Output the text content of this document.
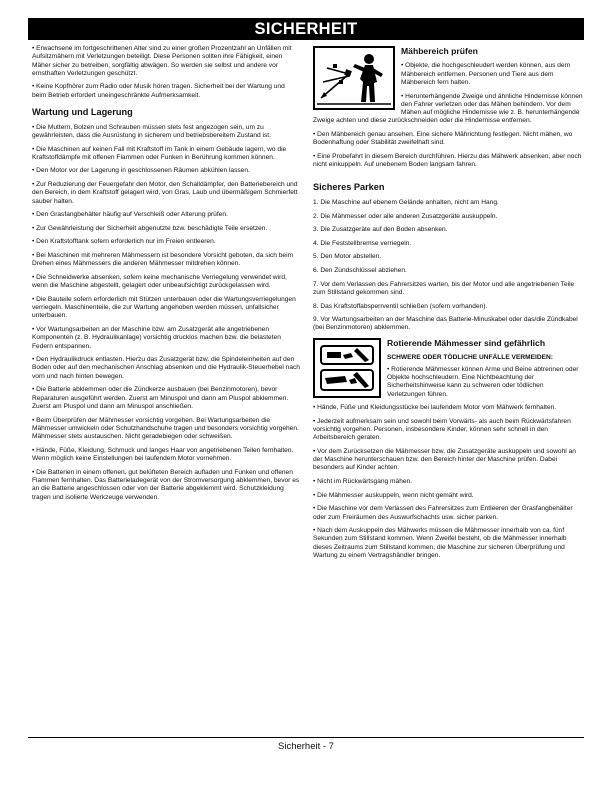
SICHERHEIT

• Erwachsene im fortgeschrittenen Alter sind zu einer großen Prozentzahl an Unfällen mit Aufsitzmähern mit Verletzungen beteiligt. Diese Personen sollten ihre Fähigkeit, einen Mäher sicher zu betreiben, sorgfältig abwägen. So werden sie selbst und andere vor ernsthaften Verletzungen geschützt.

• Keine Kopfhörer zum Radio oder Musik hören tragen. Sicherheit bei der Wartung und beim Betrieb erfordert uneingeschränkte Aufmerksamkeit.

Wartung und Lagerung

• Die Muttern, Bolzen und Schrauben müssen stets fest angezogen sein, um zu gewährleisten, dass die Ausrüstung in sicherem und betriebsbereitem Zustand ist.

• Die Maschinen auf keinen Fall mit Kraftstoff im Tank in einem Gebäude lagern, wo die Kraftstoffdämpfe mit offenen Flammen oder Funken in Berührung kommen können.

• Den Motor vor der Lagerung in geschlossenen Räumen abkühlen lassen.

• Zur Reduzierung der Feuergefahr den Motor, den Schalldämpfer, den Batteriebereich und den Bereich, in dem Kraftstoff gelagert wird, von Gras, Laub und übermäßigem Schmierfett sauber halten.

• Den Grasfangbehälter häufig auf Verschleiß oder Alterung prüfen.

• Zur Gewährleistung der Sicherheit abgenutzte bzw. beschädigte Teile ersetzen.

• Den Kraftstofftank sofern erforderlich nur im Freien entleeren.

• Bei Maschinen mit mehreren Mähmessern ist besondere Vorsicht geboten, da sich beim Drehen eines Mähmessers die anderen Mähmesser mitdrehen können.

• Die Schneidwerke absenken, sofern keine mechanische Verriegelung verwendet wird, wenn die Maschine abgestellt, gelagert oder unbeaufsichtigt zurückgelassen wird.

• Die Bauteile sofern erforderlich mit Stützen unterbauen oder die Wartungsverriegelungen verriegeln. Maschinenteile, die zur Wartung angehoben werden müssen, unfallsicher unterbauen.

• Vor Wartungsarbeiten an der Maschine bzw. am Zusatzgerät alle angetriebenen Komponenten (z. B. Hydraulikanlage) vorsichtig drucklos machen bzw. die belasteten Federn entspannen.

• Den Hydraulikdruck entlasten. Hierzu das Zusatzgerät bzw. die Spindeleinheiten auf den Boden oder auf den mechanischen Anschlag absenken und die Hydraulik-Steuerhebel nach vorn und nach hinten bewegen.

• Die Batterie abklemmen oder die Zündkerze ausbauen (bei Benzinmotoren), bevor Reparaturen ausgeführt werden. Zuerst am Minuspol und dann am Pluspol abklemmen. Zuerst am Pluspol und dann am Minuspol anschließen.

• Beim Überprüfen der Mähmesser vorsichtig vorgehen. Bei Wartungsarbeiten die Mähmesser umwickeln oder Schutzhandschuhe tragen und besonders vorsichtig vorgehen. Mähmesser stets austauschen. Nicht geradebiegen oder schweißen.

• Hände, Füße, Kleidung, Schmuck und langes Haar von angetriebenen Teilen fernhalten. Wenn möglich keine Einstellungen bei laufendem Motor vornehmen.

• Die Batterien in einem offenen, gut belüfteten Bereich aufladen und Funken und offenen Flammen fernhalten. Das Batterieladegerät von der Stromversorgung abklemmen, bevor es an die Batterie angeschlossen oder von der Batterie abgeklemmt wird. Schutzkleidung tragen und isolierte Werkzeuge verwenden.

Mähbereich prüfen

• Objekte, die hochgeschleudert werden können, aus dem Mähbereich entfernen. Personen und Tiere aus dem Mähbereich fern halten.

• Herunterhängende Zweige und ähnliche Hindernisse können den Fahrer verletzen oder das Mähen behindern. Vor dem Mähen auf mögliche Hindernisse wie z. B. herunterhängende Zweige achten und diese zurückschneiden oder die Hindernisse entfernen.

• Den Mähbereich genau ansehen. Eine sichere Mährichtung festlegen. Nicht mähen, wo Bodenhaftung oder Stabilität zweifelhaft sind.

• Eine Probefahrt in diesem Bereich durchführen. Hierzu das Mähwerk absenken, aber noch nicht einkuppeln. Auf unebenem Boden langsam fahren.

Sicheres Parken

1. Die Maschine auf ebenem Gelände anhalten, nicht am Hang.

2. Die Mähmesser oder alle anderen Zusatzgeräte auskuppeln.

3. Die Zusatzgeräte auf den Boden absenken.

4. Die Feststellbremse verriegeln.

5. Den Motor abstellen.

6. Den Zündschlüssel abziehen.

7. Vor dem Verlassen des Fahrersitzes warten, bis der Motor und alle angetriebenen Teile zum Stillstand gekommen sind.

8. Das Kraftstoffabsperrventil schließen (sofern vorhanden).

9. Vor Wartungsarbeiten an der Maschine das Batterie-Minuskabel oder das/die Zündkabel (bei Benzinmotoren) abklemmen.

Rotierende Mähmesser sind gefährlich
SCHWERE ODER TÖDLICHE UNFÄLLE VERMEIDEN:

• Rotierende Mähmesser können Arme und Beine abtrennen oder Objekte hochschleudern. Eine Nichtbeachtung der Sicherheitshinweise kann zu schweren oder tödlichen Verletzungen führen.

• Hände, Füße und Kleidungsstücke bei laufendem Motor vom Mähwerk fernhalten.

• Jederzeit aufmerksam sein und sowohl beim Vorwärts- als auch beim Rückwärtsfahren vorsichtig vorgehen. Personen, insbesondere Kinder, können sehr schnell in den Arbeitsbereich geraten.

• Vor dem Zurücksetzen die Mähmesser bzw. die Zusatzgeräte auskuppeln und sowohl an der Maschine herunterschauen bzw. den Bereich hinter der Maschine prüfen. Dabei besonders auf Kinder achten.

• Nicht im Rückwärtsgang mähen.

• Die Mähmesser auskuppeln, wenn nicht gemäht wird.

• Die Maschine vor dem Verlassen des Fahrersitzes zum Entleeren der Grasfangbehälter oder zum Freiräumen des Auswurfschachts usw. sicher parken.

• Nach dem Auskuppeln des Mähwerks müssen die Mähmesser innerhalb von ca. fünf Sekunden zum Stillstand kommen. Wenn Zweifel besteht, ob die Mähmesser innerhalb dieses Zeitraums zum Stillstand kommen, die Maschine zur sicheren Überprüfung und Wartung zu einem Vertragshändler bringen.

Sicherheit - 7
